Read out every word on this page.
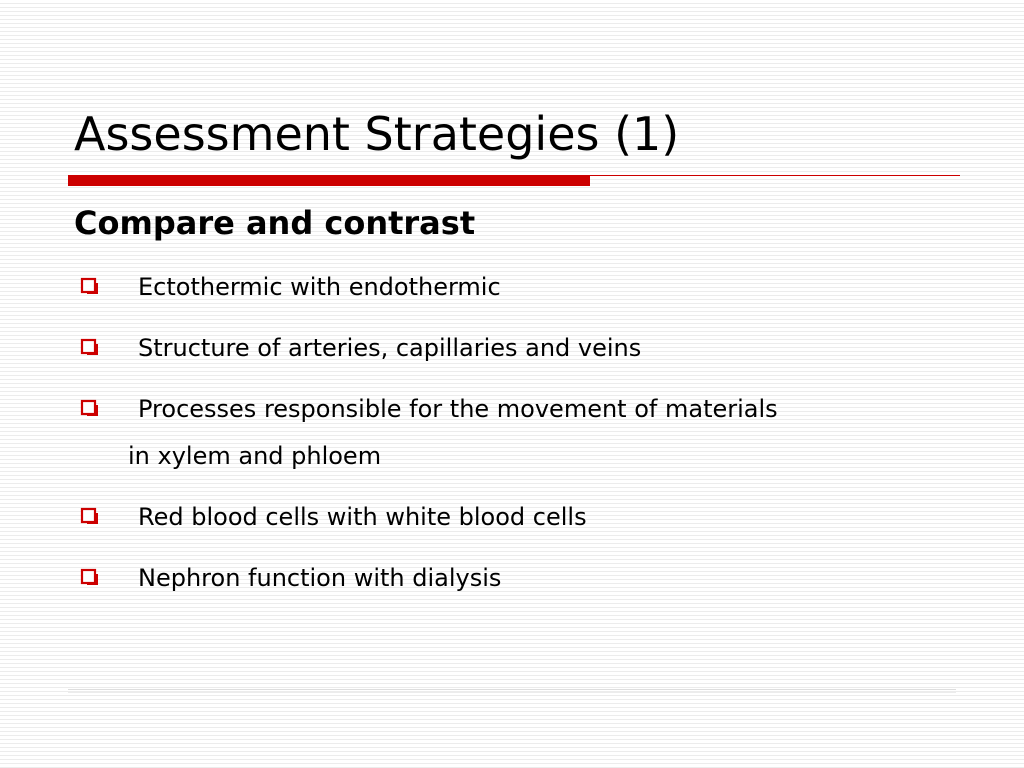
Assessment Strategies (1)
Compare and contrast
Ectothermic with endothermic
Structure of arteries, capillaries and veins
Processes responsible for the movement of materials
in xylem and phloem
Red blood cells with white blood cells
Nephron function with dialysis
